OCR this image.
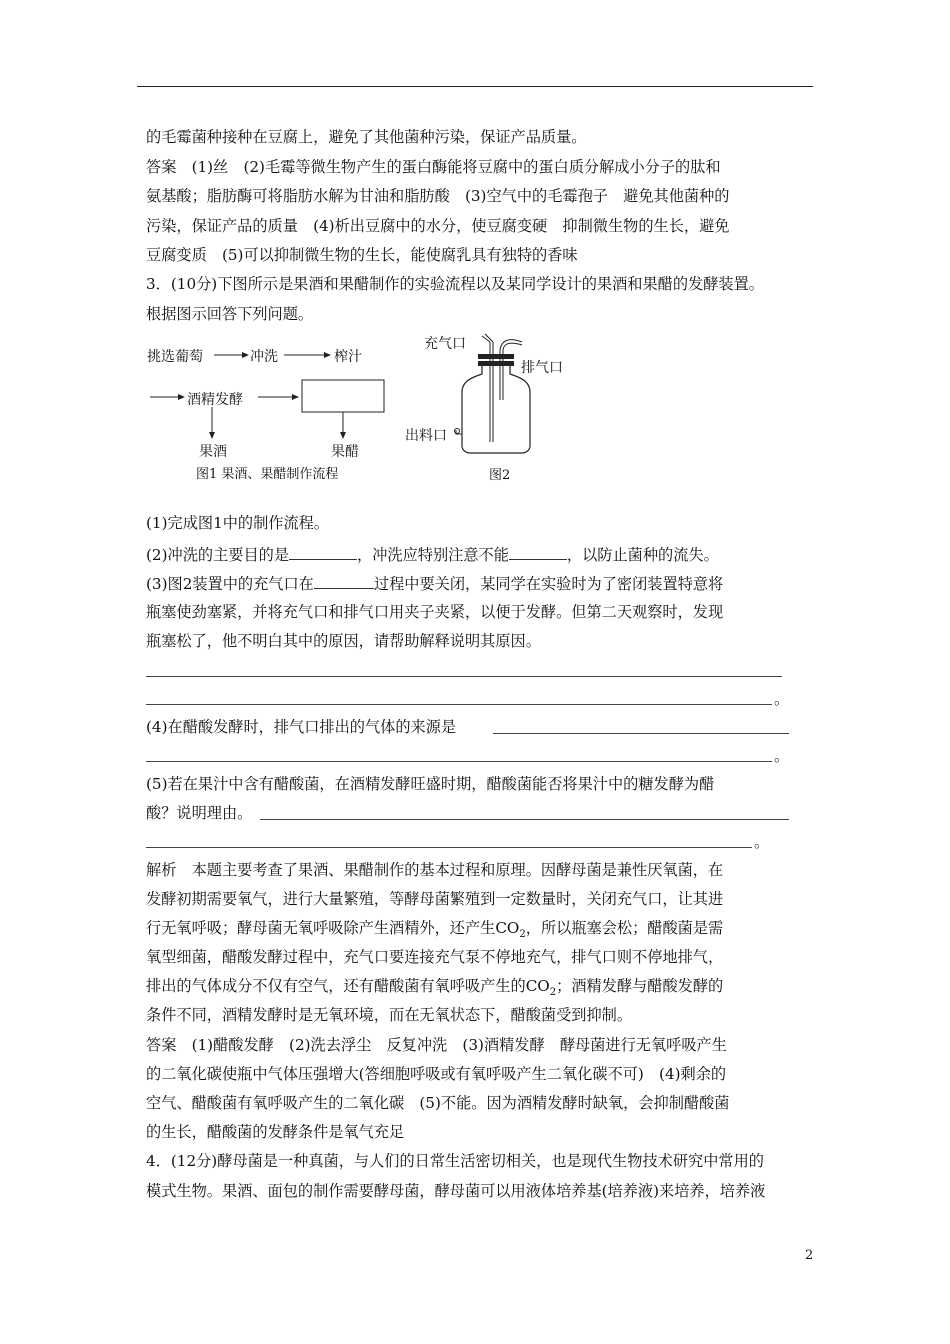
的毛霉菌种接种在豆腐上，避免了其他菌种污染，保证产品质量。
答案　(1)丝　(2)毛霉等微生物产生的蛋白酶能将豆腐中的蛋白质分解成小分子的肽和
氨基酸；脂肪酶可将脂肪水解为甘油和脂肪酸　(3)空气中的毛霉孢子　避免其他菌种的
污染，保证产品的质量　(4)析出豆腐中的水分，使豆腐变硬　抑制微生物的生长，避免
豆腐变质　(5)可以抑制微生物的生长，能使腐乳具有独特的香味
3．(10分)下图所示是果酒和果醋制作的实验流程以及某同学设计的果酒和果醋的发酵装置。
根据图示回答下列问题。
挑选葡萄	冲洗	榨汁
酒精发酵
果酒	果醋
图1 果酒、果醋制作流程
充气口
排气口
出料口
图2
(1)完成图1中的制作流程。
(2)冲洗的主要目的是	，冲洗应特别注意不能	，以防止菌种的流失。
(3)图2装置中的充气口在	过程中要关闭，某同学在实验时为了密闭装置特意将
瓶塞使劲塞紧，并将充气口和排气口用夹子夹紧，以便于发酵。但第二天观察时，发现
瓶塞松了，他不明白其中的原因，请帮助解释说明其原因。
。
(4)在醋酸发酵时，排气口排出的气体的来源是
。
(5)若在果汁中含有醋酸菌，在酒精发酵旺盛时期，醋酸菌能否将果汁中的糖发酵为醋
酸？说明理由。
。
解析　本题主要考查了果酒、果醋制作的基本过程和原理。因酵母菌是兼性厌氧菌，在
发酵初期需要氧气，进行大量繁殖，等酵母菌繁殖到一定数量时，关闭充气口，让其进
行无氧呼吸；酵母菌无氧呼吸除产生酒精外，还产生$CO_2$，所以瓶塞会松；醋酸菌是需
氧型细菌，醋酸发酵过程中，充气口要连接充气泵不停地充气，排气口则不停地排气，
排出的气体成分不仅有空气，还有醋酸菌有氧呼吸产生的$CO_2$；酒精发酵与醋酸发酵的
条件不同，酒精发酵时是无氧环境，而在无氧状态下，醋酸菌受到抑制。
答案　(1)醋酸发酵　(2)洗去浮尘　反复冲洗　(3)酒精发酵　酵母菌进行无氧呼吸产生
的二氧化碳使瓶中气体压强增大(答细胞呼吸或有氧呼吸产生二氧化碳不可)　(4)剩余的
空气、醋酸菌有氧呼吸产生的二氧化碳　(5)不能。因为酒精发酵时缺氧，会抑制醋酸菌
的生长，醋酸菌的发酵条件是氧气充足
4．(12分)酵母菌是一种真菌，与人们的日常生活密切相关，也是现代生物技术研究中常用的
模式生物。果酒、面包的制作需要酵母菌，酵母菌可以用液体培养基(培养液)来培养，培养液
2
